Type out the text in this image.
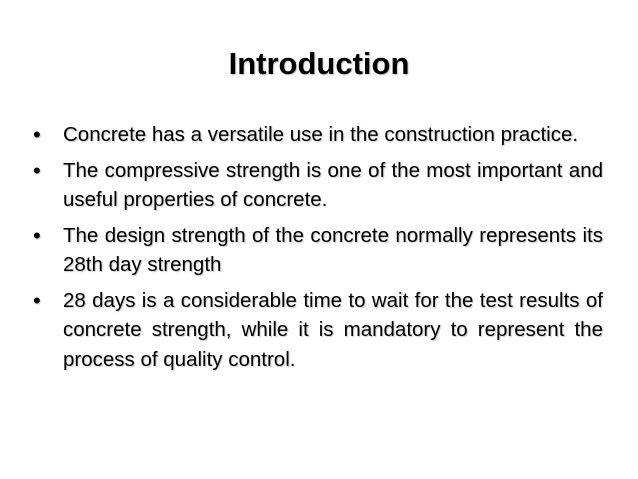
Introduction
•	Concrete has a versatile use in the construction practice.
•	The compressive strength is one of the most important and useful properties of concrete.
•	The design strength of the concrete normally represents its 28th day strength
•	28 days is a considerable time to wait for the test results of concrete strength, while it is mandatory to represent the process of quality control.
